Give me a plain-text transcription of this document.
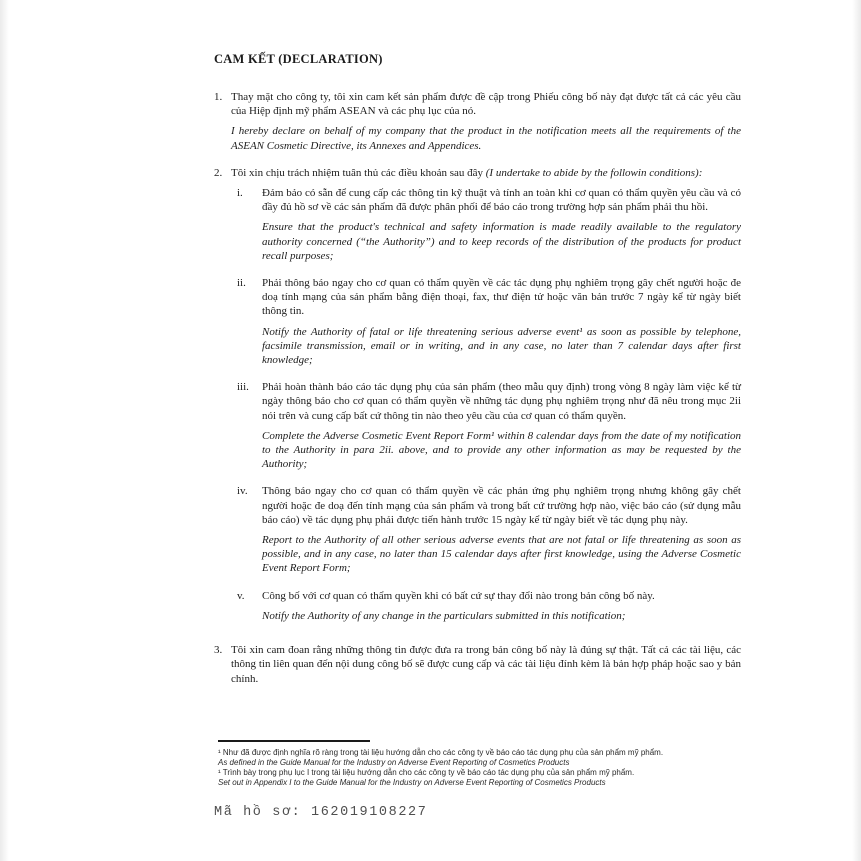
CAM KẾT (DECLARATION)
1. Thay mặt cho công ty, tôi xin cam kết sản phẩm được đề cập trong Phiếu công bố này đạt được tất cả các yêu cầu của Hiệp định mỹ phẩm ASEAN và các phụ lục của nó.

I hereby declare on behalf of my company that the product in the notification meets all the requirements of the ASEAN Cosmetic Directive, its Annexes and Appendices.

2. Tôi xin chịu trách nhiệm tuân thủ các điều khoản sau đây (I undertake to abide by the followin conditions):

i.	Đảm bảo có sẵn để cung cấp các thông tin kỹ thuật và tính an toàn khi cơ quan có thẩm quyền yêu cầu và có đầy đủ hồ sơ về các sản phẩm đã được phân phối để báo cáo trong trường hợp sản phẩm phải thu hồi.

Ensure that the product's technical and safety information is made readily available to the regulatory authority concerned (“the Authority”) and to keep records of the distribution of the products for product recall purposes;

ii.	Phải thông báo ngay cho cơ quan có thẩm quyền về các tác dụng phụ nghiêm trọng gây chết người hoặc đe doạ tính mạng của sản phẩm bằng điện thoại, fax, thư điện tử hoặc văn bản trước 7 ngày kể từ ngày biết thông tin.

Notify the Authority of fatal or life threatening serious adverse event¹ as soon as possible by telephone, facsimile transmission, email or in writing, and in any case, no later than 7 calendar days after first knowledge;

iii.	Phải hoàn thành báo cáo tác dụng phụ của sản phẩm (theo mẫu quy định) trong vòng 8 ngày làm việc kể từ ngày thông báo cho cơ quan có thẩm quyền về những tác dụng phụ nghiêm trọng như đã nêu trong mục 2ii nói trên và cung cấp bất cứ thông tin nào theo yêu cầu của cơ quan có thẩm quyền.

Complete the Adverse Cosmetic Event Report Form¹ within 8 calendar days from the date of my notification to the Authority in para 2ii. above, and to provide any other information as may be requested by the Authority;

iv.	Thông báo ngay cho cơ quan có thẩm quyền về các phản ứng phụ nghiêm trọng nhưng không gây chết người hoặc đe doạ đến tính mạng của sản phẩm và trong bất cứ trường hợp nào, việc báo cáo (sử dụng mẫu báo cáo) về tác dụng phụ phải được tiến hành trước 15 ngày kể từ ngày biết về tác dụng phụ này.

Report to the Authority of all other serious adverse events that are not fatal or life threatening as soon as possible, and in any case, no later than 15 calendar days after first knowledge, using the Adverse Cosmetic Event Report Form;

v.	Công bố với cơ quan có thẩm quyền khi có bất cứ sự thay đổi nào trong bản công bố này.

Notify the Authority of any change in the particulars submitted in this notification;

3. Tôi xin cam đoan rằng những thông tin được đưa ra trong bản công bố này là đúng sự thật. Tất cả các tài liệu, các thông tin liên quan đến nội dung công bố sẽ được cung cấp và các tài liệu đính kèm là bản hợp pháp hoặc sao y bản chính.

¹ Như đã được định nghĩa rõ ràng trong tài liệu hướng dẫn cho các công ty về báo cáo tác dụng phụ của sản phẩm mỹ phẩm.

As defined in the Guide Manual for the Industry on Adverse Event Reporting of Cosmetics Products

¹ Trình bày trong phụ lục I trong tài liệu hướng dẫn cho các công ty về báo cáo tác dụng phụ của sản phẩm mỹ phẩm.

Set out in Appendix I to the Guide Manual for the Industry on Adverse Event Reporting of Cosmetics Products

Mã hồ sơ: 162019108227
